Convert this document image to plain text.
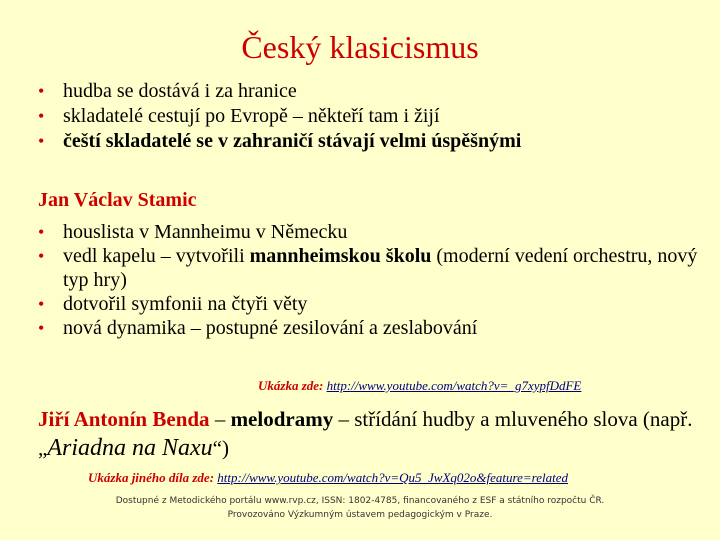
Český klasicismus
• hudba se dostává i za hranice
• skladatelé cestují po Evropě – někteří tam i žijí
• čeští skladatelé se v zahraničí stávají velmi úspěšnými
Jan Václav Stamic
• houslista v Mannheimu v Německu
• vedl kapelu – vytvořili mannheimskou školu (moderní vedení orchestru, nový typ hry)
• dotvořil symfonii na čtyři věty
• nová dynamika – postupné zesilování a zeslabování
Ukázka zde: http://www.youtube.com/watch?v=_g7xypfDdFE
Jiří Antonín Benda – melodramy – střídání hudby a mluveného slova (např. „Ariadna na Naxu“)
Ukázka jiného díla zde: http://www.youtube.com/watch?v=Qu5_JwXq02o&feature=related
Dostupné z Metodického portálu www.rvp.cz, ISSN: 1802-4785, financovaného z ESF a státního rozpočtu ČR.
Provozováno Výzkumným ústavem pedagogickým v Praze.
